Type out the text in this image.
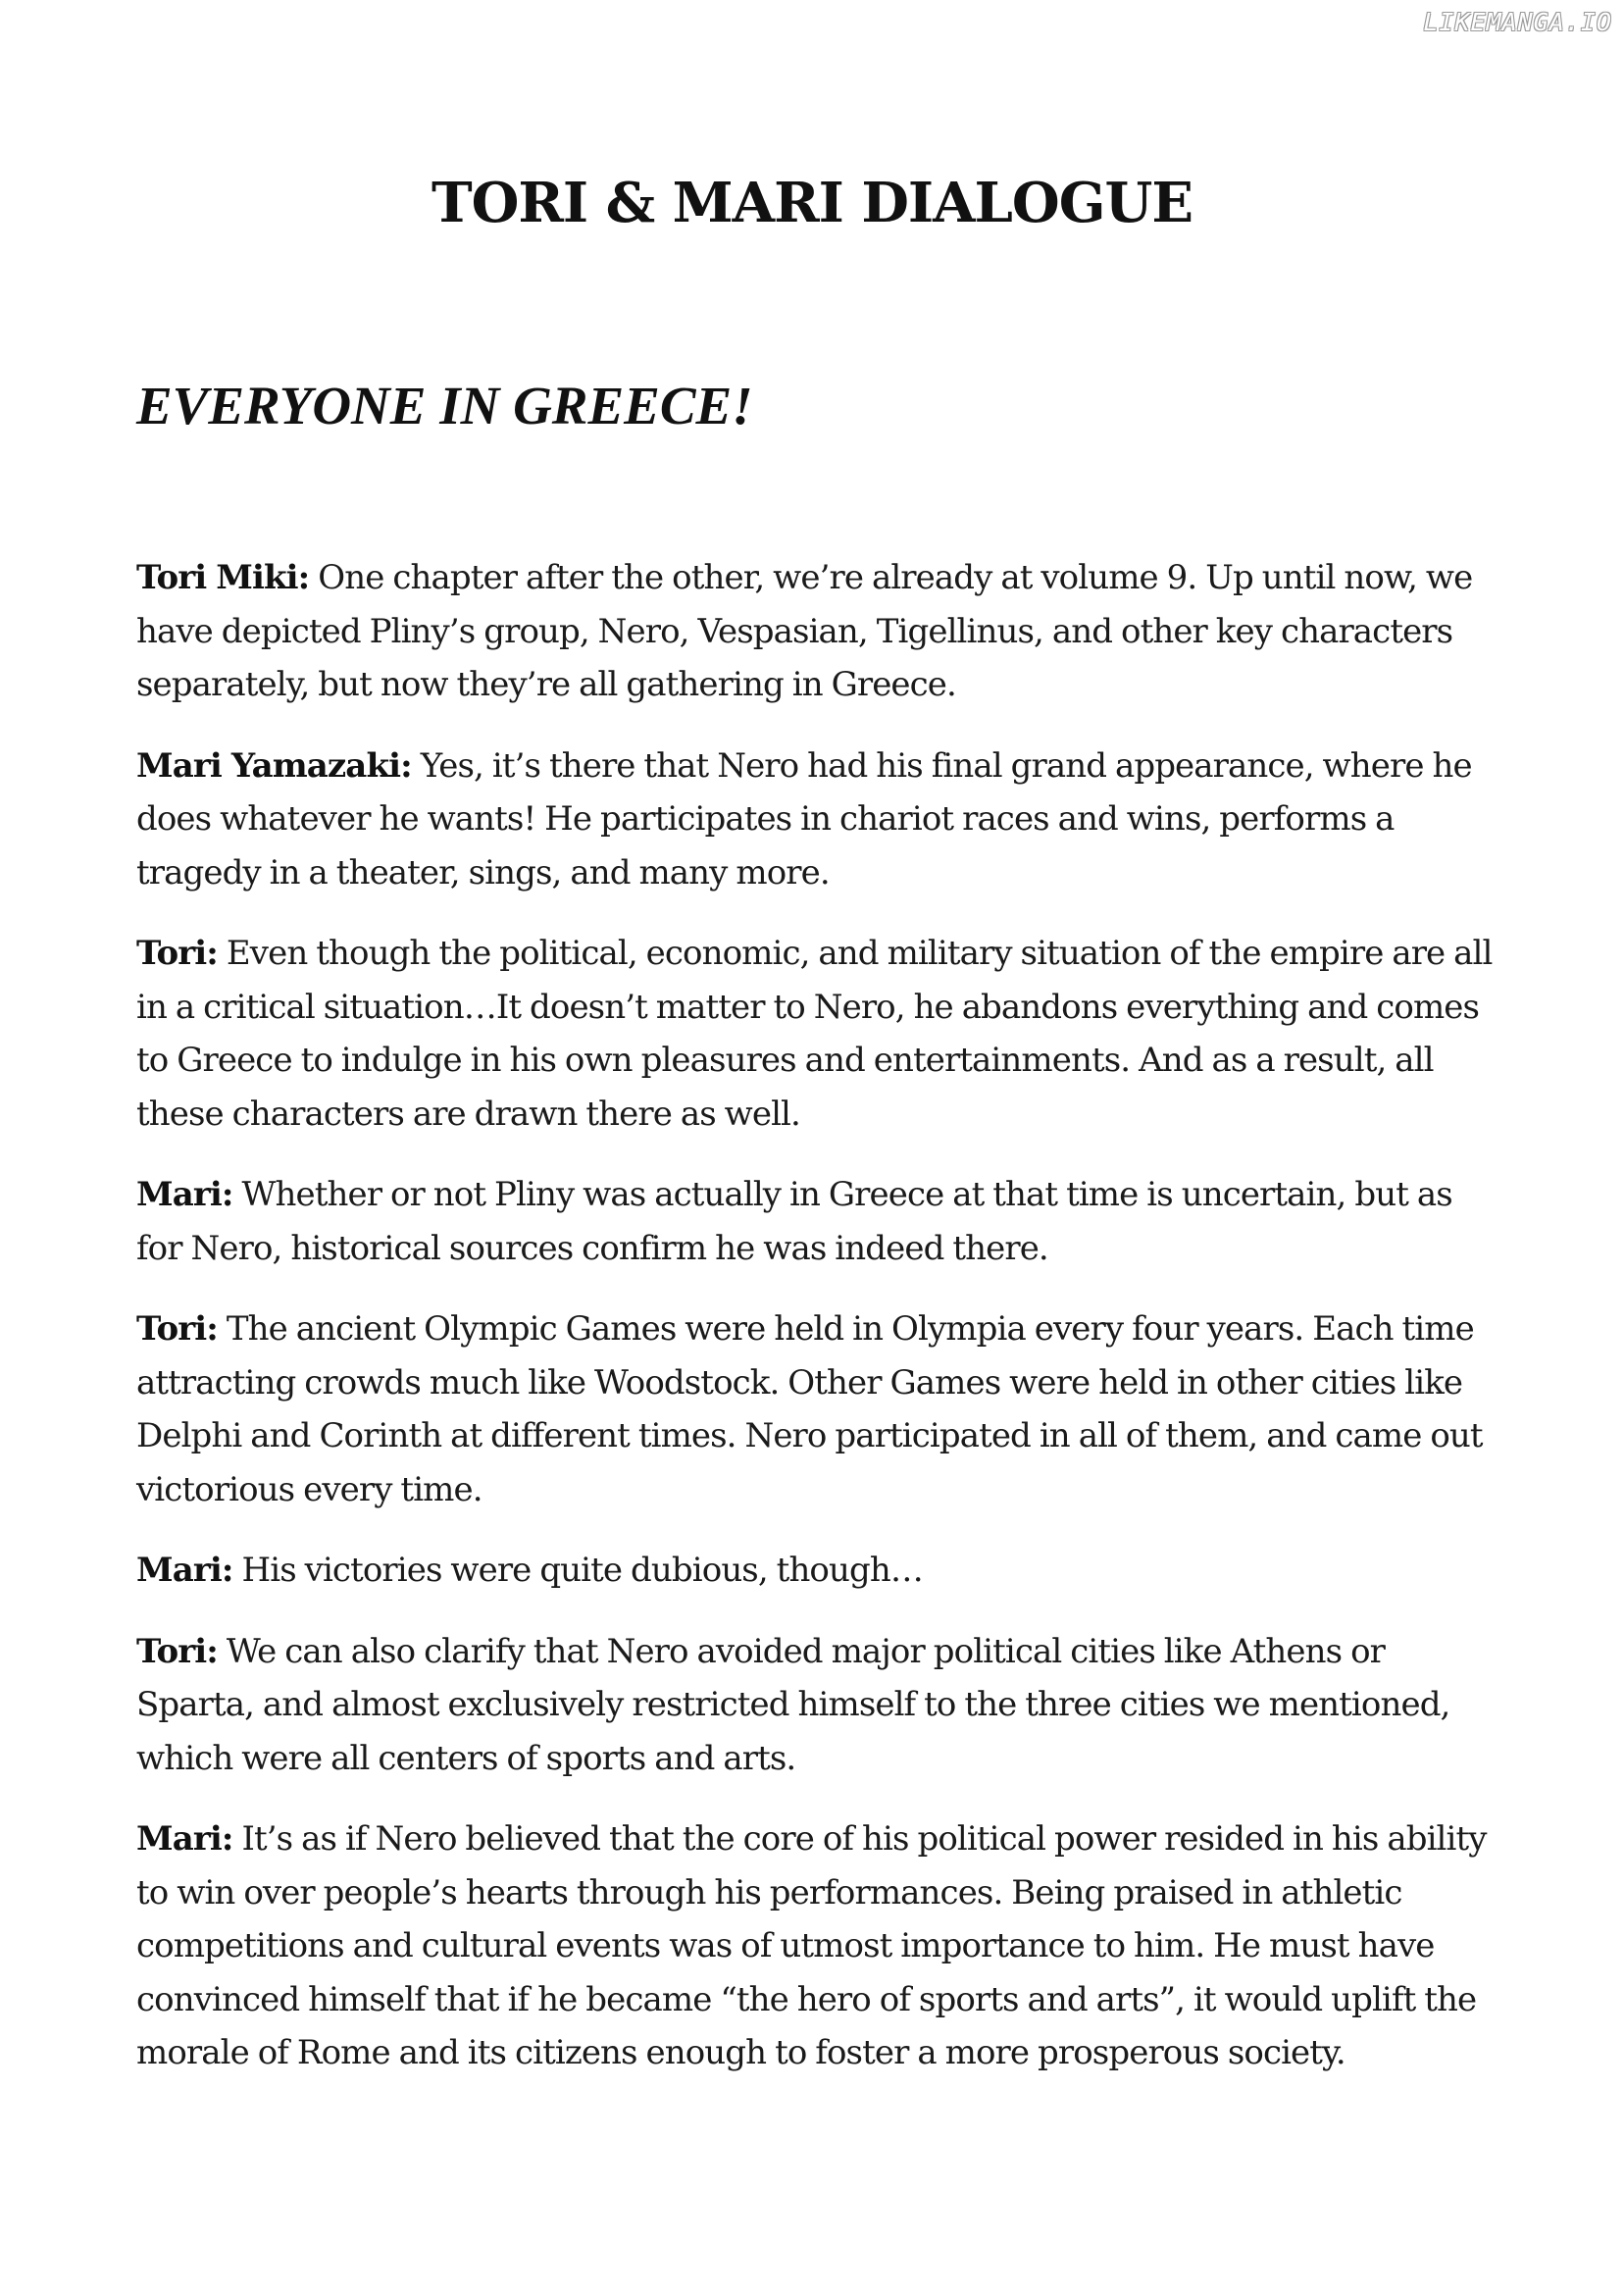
LIKEMANGA.IO
TORI & MARI DIALOGUE
EVERYONE IN GREECE!

Tori Miki: One chapter after the other, we’re already at volume 9. Up until now, we have depicted Pliny’s group, Nero, Vespasian, Tigellinus, and other key characters separately, but now they’re all gathering in Greece.

Mari Yamazaki: Yes, it’s there that Nero had his final grand appearance, where he does whatever he wants! He participates in chariot races and wins, performs a tragedy in a theater, sings, and many more.

Tori: Even though the political, economic, and military situation of the empire are all in a critical situation…It doesn’t matter to Nero, he abandons everything and comes to Greece to indulge in his own pleasures and entertainments. And as a result, all these characters are drawn there as well.

Mari: Whether or not Pliny was actually in Greece at that time is uncertain, but as for Nero, historical sources confirm he was indeed there.

Tori: The ancient Olympic Games were held in Olympia every four years. Each time attracting crowds much like Woodstock. Other Games were held in other cities like Delphi and Corinth at different times. Nero participated in all of them, and came out victorious every time.

Mari: His victories were quite dubious, though…

Tori: We can also clarify that Nero avoided major political cities like Athens or Sparta, and almost exclusively restricted himself to the three cities we mentioned, which were all centers of sports and arts.

Mari: It’s as if Nero believed that the core of his political power resided in his ability to win over people’s hearts through his performances. Being praised in athletic competitions and cultural events was of utmost importance to him. He must have convinced himself that if he became “the hero of sports and arts”, it would uplift the morale of Rome and its citizens enough to foster a more prosperous society.
